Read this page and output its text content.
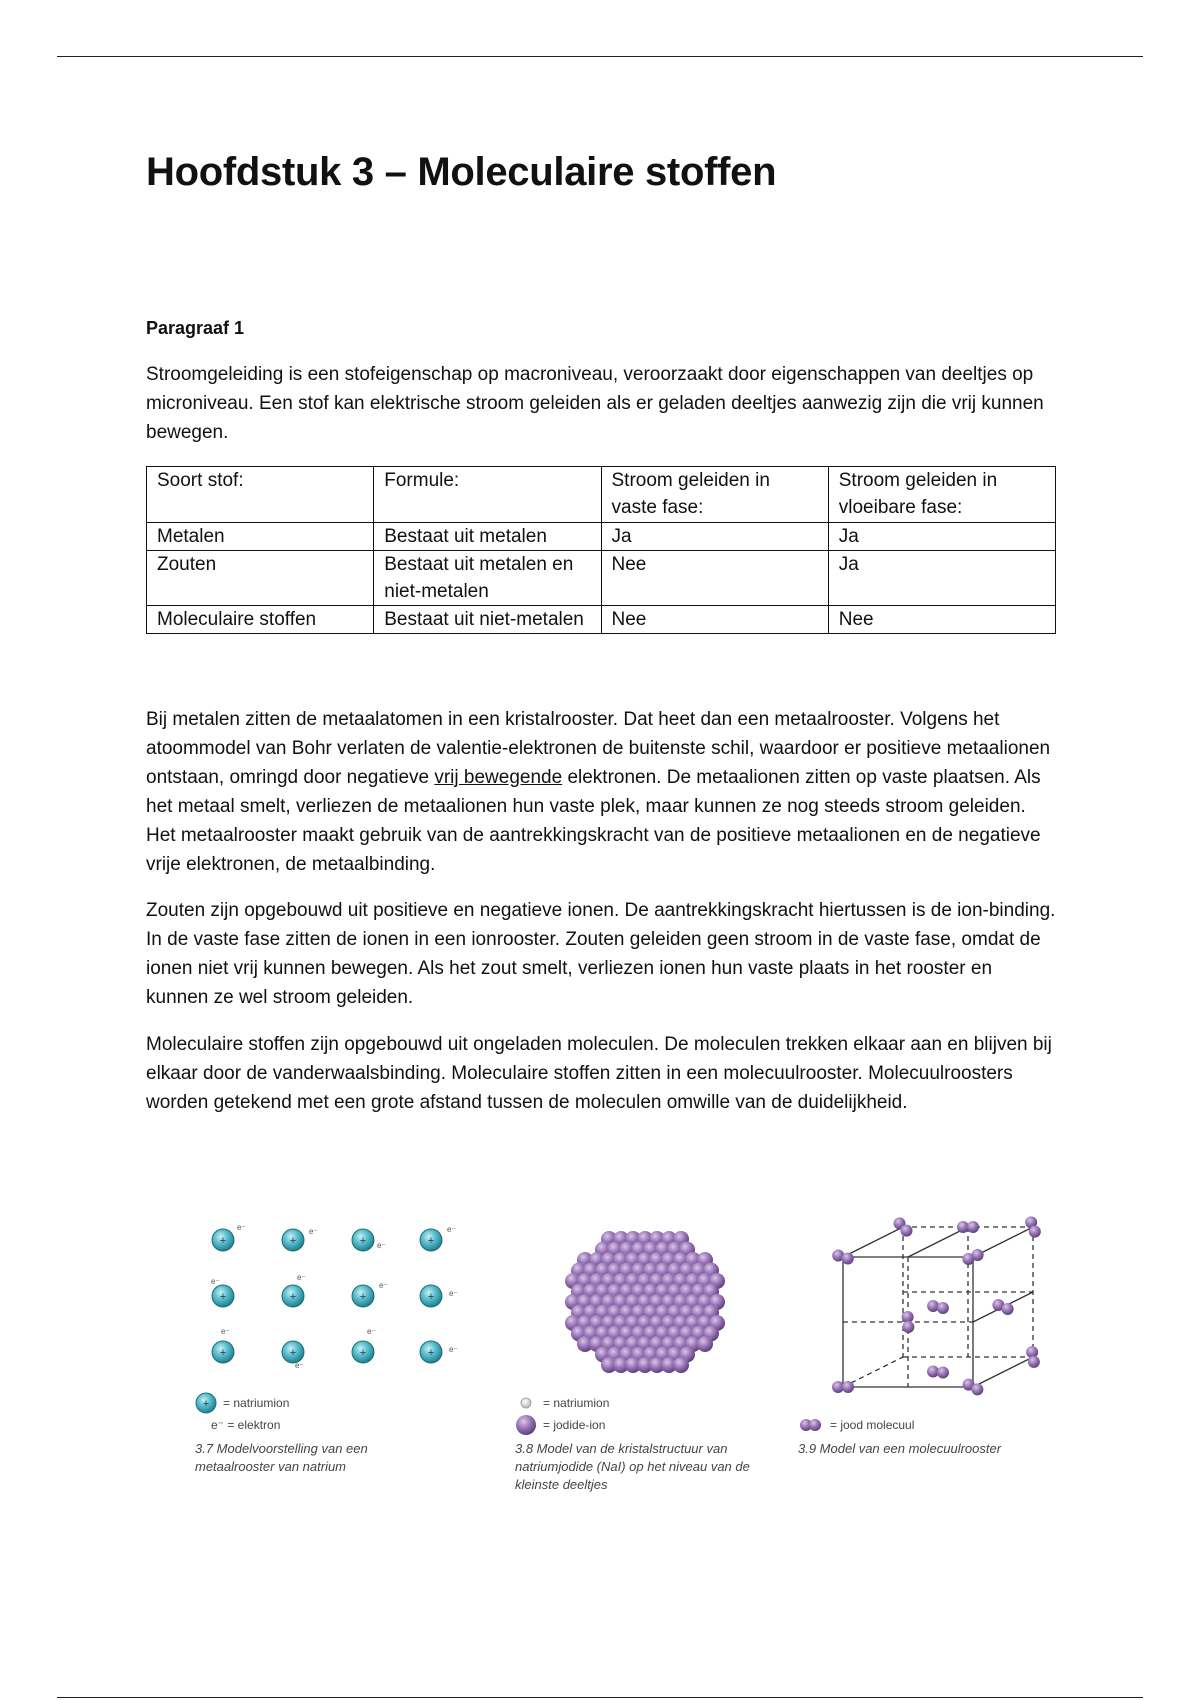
Hoofdstuk 3 – Moleculaire stoffen
Paragraaf 1
Stroomgeleiding is een stofeigenschap op macroniveau, veroorzaakt door eigenschappen van deeltjes op microniveau. Een stof kan elektrische stroom geleiden als er geladen deeltjes aanwezig zijn die vrij kunnen bewegen.
Soort stof:	Formule:	Stroom geleiden in vaste fase:	Stroom geleiden in vloeibare fase:
Metalen	Bestaat uit metalen	Ja	Ja
Zouten	Bestaat uit metalen en niet-metalen	Nee	Ja
Moleculaire stoffen	Bestaat uit niet-metalen	Nee	Nee
Bij metalen zitten de metaalatomen in een kristalrooster. Dat heet dan een metaalrooster. Volgens het atoommodel van Bohr verlaten de valentie-elektronen de buitenste schil, waardoor er positieve metaalionen ontstaan, omringd door negatieve vrij bewegende elektronen. De metaalionen zitten op vaste plaatsen. Als het metaal smelt, verliezen de metaalionen hun vaste plek, maar kunnen ze nog steeds stroom geleiden. Het metaalrooster maakt gebruik van de aantrekkingskracht van de positieve metaalionen en de negatieve vrije elektronen, de metaalbinding.
Zouten zijn opgebouwd uit positieve en negatieve ionen. De aantrekkingskracht hiertussen is de ion-binding. In de vaste fase zitten de ionen in een ionrooster. Zouten geleiden geen stroom in de vaste fase, omdat de ionen niet vrij kunnen bewegen. Als het zout smelt, verliezen ionen hun vaste plaats in het rooster en kunnen ze wel stroom geleiden.
Moleculaire stoffen zijn opgebouwd uit ongeladen moleculen. De moleculen trekken elkaar aan en blijven bij elkaar door de vanderwaalsbinding. Moleculaire stoffen zitten in een molecuulrooster. Molecuulroosters worden getekend met een grote afstand tussen de moleculen omwille van de duidelijkheid.
+
e⁻
+
e⁻
+ e⁻	+
e⁻
+
e⁻
+
e⁻
+
e⁻
+ e⁻
+
e⁻
+
e⁻
+
e⁻
+ e⁻
+ = natriumion
e⁻ = elektron
3.7 Modelvoorstelling van een metaalrooster van natrium
= natriumion
= jodide-ion
3.8 Model van de kristalstructuur van natriumjodide (NaI) op het niveau van de kleinste deeltjes
= jood molecuul
3.9 Model van een molecuulrooster
